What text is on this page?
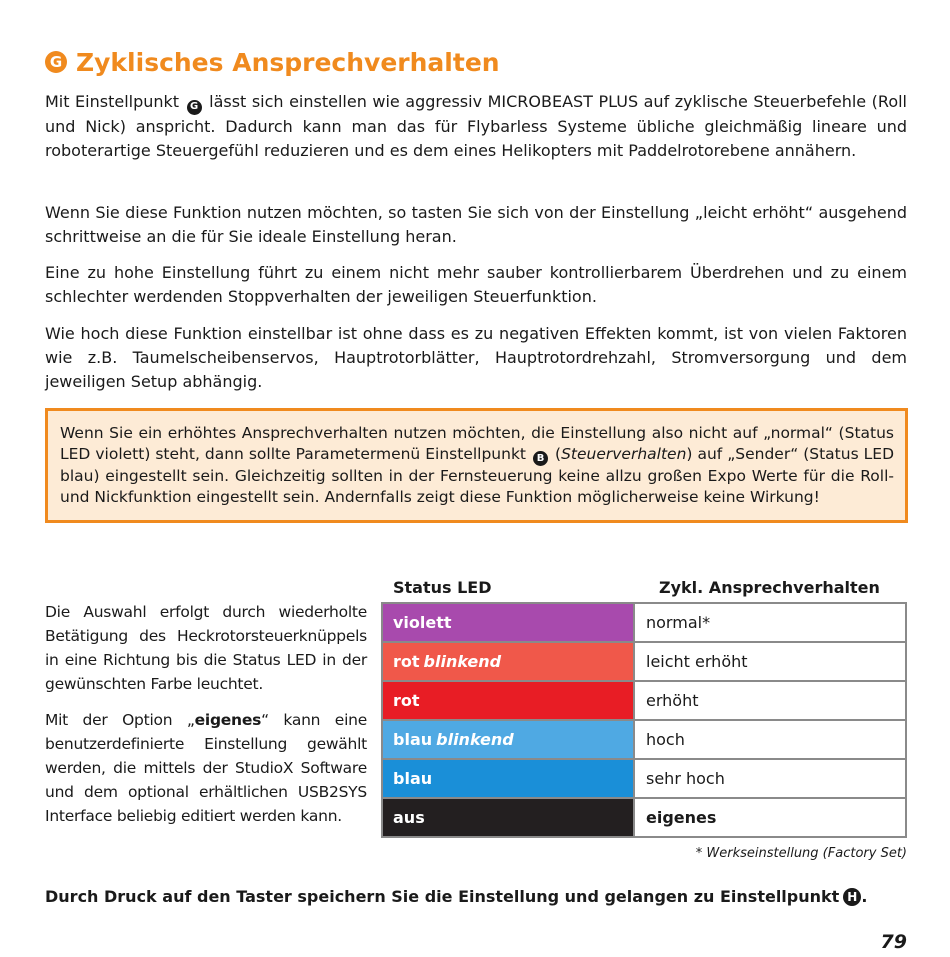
G Zyklisches Ansprechverhalten

Mit Einstellpunkt G lässt sich einstellen wie aggressiv MICROBEAST PLUS auf zyklische Steuerbefehle (Roll und Nick) anspricht. Dadurch kann man das für Flybarless Systeme übliche gleichmäßig lineare und roboterartige Steuergefühl reduzieren und es dem eines Helikopters mit Paddelrotorebene annähern.

Wenn Sie diese Funktion nutzen möchten, so tasten Sie sich von der Einstellung „leicht erhöht“ ausgehend schrittweise an die für Sie ideale Einstellung heran.

Eine zu hohe Einstellung führt zu einem nicht mehr sauber kontrollierbarem Überdrehen und zu einem schlechter werdenden Stoppverhalten der jeweiligen Steuerfunktion.

Wie hoch diese Funktion einstellbar ist ohne dass es zu negativen Effekten kommt, ist von vielen Faktoren wie z.B. Taumelscheibenservos, Hauptrotorblätter, Hauptrotordrehzahl, Stromversorgung und dem jeweiligen Setup abhängig.

Wenn Sie ein erhöhtes Ansprechverhalten nutzen möchten, die Einstellung also nicht auf „normal“ (Status LED violett) steht, dann sollte Parametermenü Einstellpunkt B (Steuerverhalten) auf „Sender“ (Status LED blau) eingestellt sein. Gleichzeitig sollten in der Fernsteuerung keine allzu großen Expo Werte für die Roll- und Nickfunktion eingestellt sein. Andernfalls zeigt diese Funktion möglicherweise keine Wirkung!

Die Auswahl erfolgt durch wiederholte Betätigung des Heckrotorsteuerknüppels in eine Richtung bis die Status LED in der gewünschten Farbe leuchtet.

Mit der Option „eigenes“ kann eine benutzerdefinierte Einstellung gewählt werden, die mittels der StudioX Software und dem optional erhältlichen USB2SYS Interface beliebig editiert werden kann.

Status LED	Zykl. Ansprechverhalten
violett	normal*
rot blinkend	leicht erhöht
rot	erhöht
blau blinkend	hoch
blau	sehr hoch
aus	eigenes
* Werkseinstellung (Factory Set)
Durch Druck auf den Taster speichern Sie die Einstellung und gelangen zu Einstellpunkt H .
79
